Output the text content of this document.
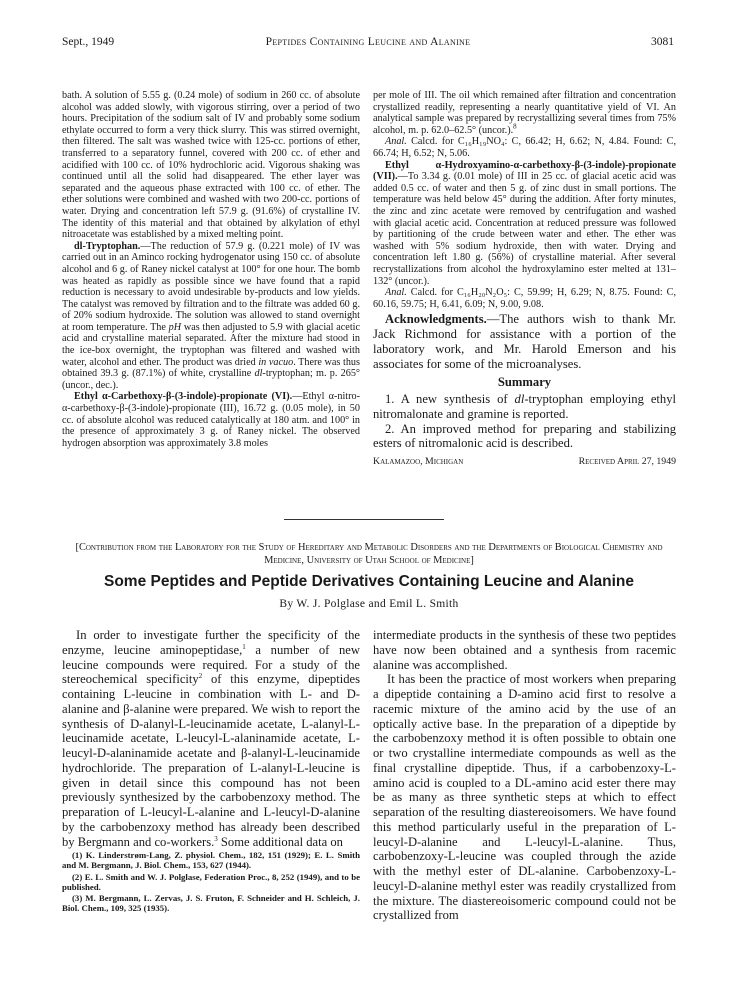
Sept., 1949	Peptides Containing Leucine and Alanine	3081

bath. A solution of 5.55 g. (0.24 mole) of sodium in 260 cc. of absolute alcohol was added slowly, with vigorous stirring, over a period of two hours. Precipitation of the sodium salt of IV and probably some sodium ethylate occurred to form a very thick slurry. This was stirred overnight, then filtered. The salt was washed twice with 125-cc. portions of ether, transferred to a separatory funnel, covered with 200 cc. of ether and acidified with 100 cc. of 10% hydrochloric acid. Vigorous shaking was continued until all the solid had disappeared. The ether layer was separated and the aqueous phase extracted with 100 cc. of ether. The ether solutions were combined and washed with two 200-cc. portions of water. Drying and concentration left 57.9 g. (91.6%) of crystalline IV. The identity of this material and that obtained by alkylation of ethyl nitroacetate was established by a mixed melting point.

dl-Tryptophan.—The reduction of 57.9 g. (0.221 mole) of IV was carried out in an Aminco rocking hydrogenator using 150 cc. of absolute alcohol and 6 g. of Raney nickel catalyst at 100° for one hour. The bomb was heated as rapidly as possible since we have found that a rapid reduction is necessary to avoid undesirable by-products and low yields. The catalyst was removed by filtration and to the filtrate was added 60 g. of 20% sodium hydroxide. The solution was allowed to stand overnight at room temperature. The pH was then adjusted to 5.9 with glacial acetic acid and crystalline material separated. After the mixture had stood in the ice-box overnight, the tryptophan was filtered and washed with water, alcohol and ether. The product was dried in vacuo. There was thus obtained 39.3 g. (87.1%) of white, crystalline dl-tryptophan; m. p. 265° (uncor., dec.).

Ethyl α-Carbethoxy-β-(3-indole)-propionate (VI).—Ethyl α-nitro-α-carbethoxy-β-(3-indole)-propionate (III), 16.72 g. (0.05 mole), in 50 cc. of absolute alcohol was reduced catalytically at 180 atm. and 100° in the presence of approximately 3 g. of Raney nickel. The observed hydrogen absorption was approximately 3.8 moles

per mole of III. The oil which remained after filtration and concentration crystallized readily, representing a nearly quantitative yield of VI. An analytical sample was prepared by recrystallizing several times from 75% alcohol, m. p. 62.0–62.5° (uncor.).$^8$

Anal. Calcd. for C₁₆H₁₉NO₄: C, 66.42; H, 6.62; N, 4.84. Found: C, 66.74; H, 6.52; N, 5.06.

Ethyl α-Hydroxyamino-α-carbethoxy-β-(3-indole)-propionate (VII).—To 3.34 g. (0.01 mole) of III in 25 cc. of glacial acetic acid was added 0.5 cc. of water and then 5 g. of zinc dust in small portions. The temperature was held below 45° during the addition. After forty minutes, the zinc and zinc acetate were removed by centrifugation and washed with glacial acetic acid. Concentration at reduced pressure was followed by partitioning of the crude between water and ether. The ether was washed with 5% sodium hydroxide, then with water. Drying and concentration left 1.80 g. (56%) of crystalline material. After several recrystallizations from alcohol the hydroxylamino ester melted at 131–132° (uncor.).

Anal. Calcd. for C₁₆H₂₀N₂O₅: C, 59.99; H, 6.29; N, 8.75. Found: C, 60.16, 59.75; H, 6.41, 6.09; N, 9.00, 9.08.

Acknowledgments.—The authors wish to thank Mr. Jack Richmond for assistance with a portion of the laboratory work, and Mr. Harold Emerson and his associates for some of the microanalyses.

Summary

1. A new synthesis of dl-tryptophan employing ethyl nitromalonate and gramine is reported.

2. An improved method for preparing and stabilizing esters of nitromalonic acid is described.

Kalamazoo, Michigan	Received April 27, 1949
[Contribution from the Laboratory for the Study of Hereditary and Metabolic Disorders and the Departments of Biological Chemistry and Medicine, University of Utah School of Medicine]
Some Peptides and Peptide Derivatives Containing Leucine and Alanine
By W. J. Polglase and Emil L. Smith

In order to investigate further the specificity of the enzyme, leucine aminopeptidase,$^1$ a number of new leucine compounds were required. For a study of the stereochemical specificity$^2$ of this enzyme, dipeptides containing L-leucine in combination with L- and D-alanine and β-alanine were prepared. We wish to report the synthesis of D-alanyl-L-leucinamide acetate, L-alanyl-L-leucinamide acetate, L-leucyl-L-alaninamide acetate, L-leucyl-D-alaninamide acetate and β-alanyl-L-leucinamide hydrochloride. The preparation of L-alanyl-L-leucine is given in detail since this compound has not been previously synthesized by the carbobenzoxy method. The preparation of L-leucyl-L-alanine and L-leucyl-D-alanine by the carbobenzoxy method has already been described by Bergmann and co-workers.$^3$ Some additional data on

(1) K. Linderstrøm-Lang, Z. physiol. Chem., 182, 151 (1929); E. L. Smith and M. Bergmann, J. Biol. Chem., 153, 627 (1944).

(2) E. L. Smith and W. J. Polglase, Federation Proc., 8, 252 (1949), and to be published.

(3) M. Bergmann, L. Zervas, J. S. Fruton, F. Schneider and H. Schleich, J. Biol. Chem., 109, 325 (1935).

intermediate products in the synthesis of these two peptides have now been obtained and a synthesis from racemic alanine was accomplished.

It has been the practice of most workers when preparing a dipeptide containing a D-amino acid first to resolve a racemic mixture of the amino acid by the use of an optically active base. In the preparation of a dipeptide by the carbobenzoxy method it is often possible to obtain one or two crystalline intermediate compounds as well as the final crystalline dipeptide. Thus, if a carbobenzoxy-L-amino acid is coupled to a DL-amino acid ester there may be as many as three synthetic steps at which to effect separation of the resulting diastereoisomers. We have found this method particularly useful in the preparation of L-leucyl-D-alanine and L-leucyl-L-alanine. Thus, carbobenzoxy-L-leucine was coupled through the azide with the methyl ester of DL-alanine. Carbobenzoxy-L-leucyl-D-alanine methyl ester was readily crystallized from the mixture. The diastereoisomeric compound could not be crystallized from
